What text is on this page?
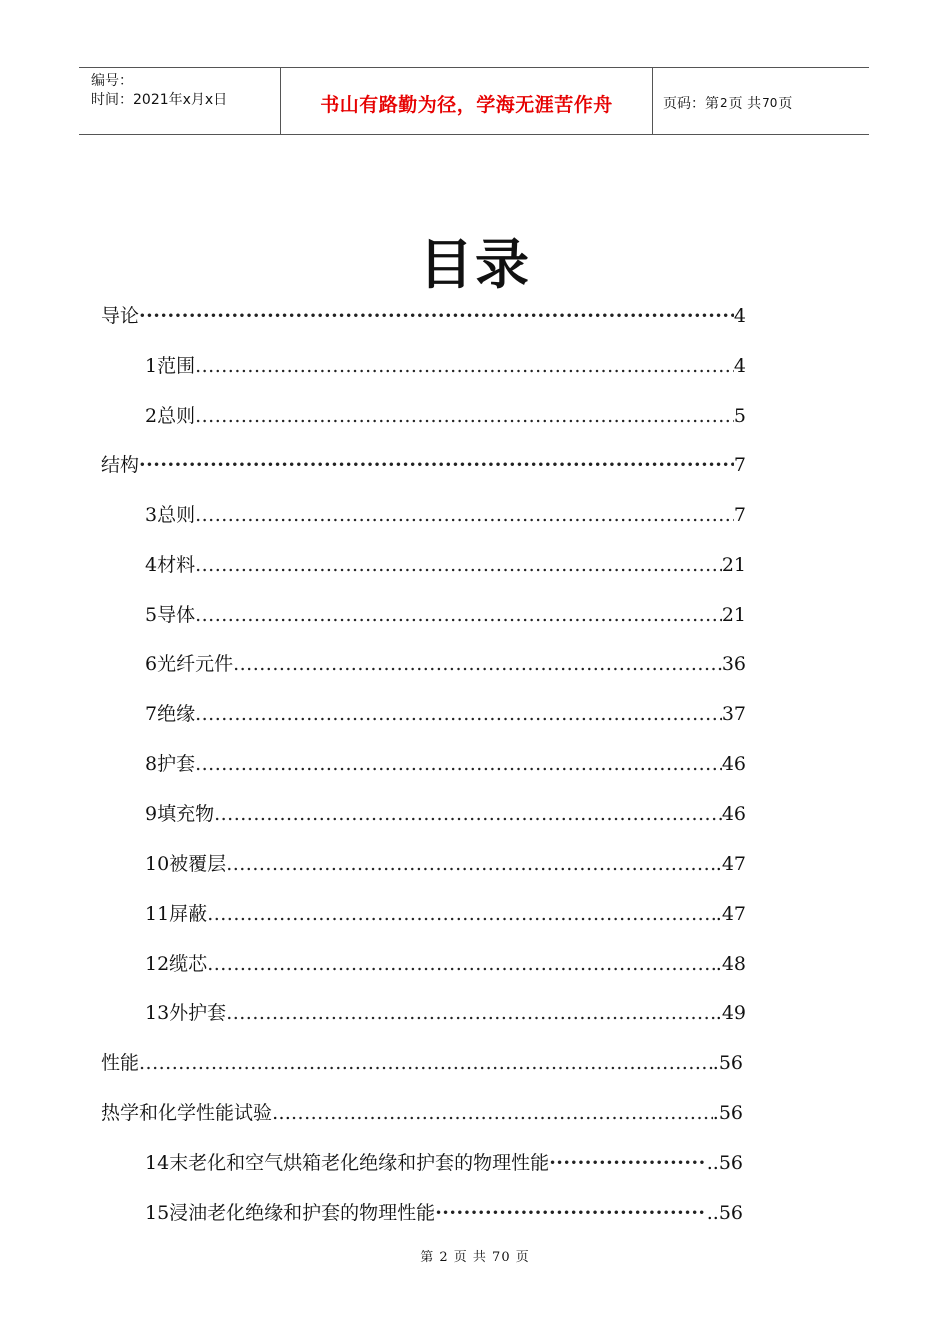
编号：
时间：2021年x月x日	书山有路勤为径，学海无涯苦作舟	页码：第 2 页 共 70 页
目录
导论 ·····	4
1范围 .....	4
2总则 .....	5
结构 ·····	7
3总则 .....	7
4材料 .....	21
5导体 .....	21
6光纤元件 .....	36
7绝缘 .....	37
8护套 .....	46
9填充物 .....	46
10被覆层 .....	.47
11屏蔽 .....	.47
12缆芯 .....	.48
13外护套 .....	.49
性能 .....	.56
热学和化学性能试验… .....	.56
14末老化和空气烘箱老化绝缘和护套的物理性能 ·····	..56
15浸油老化绝缘和护套的物理性能 ·····	..56
第 2 页 共 70 页
